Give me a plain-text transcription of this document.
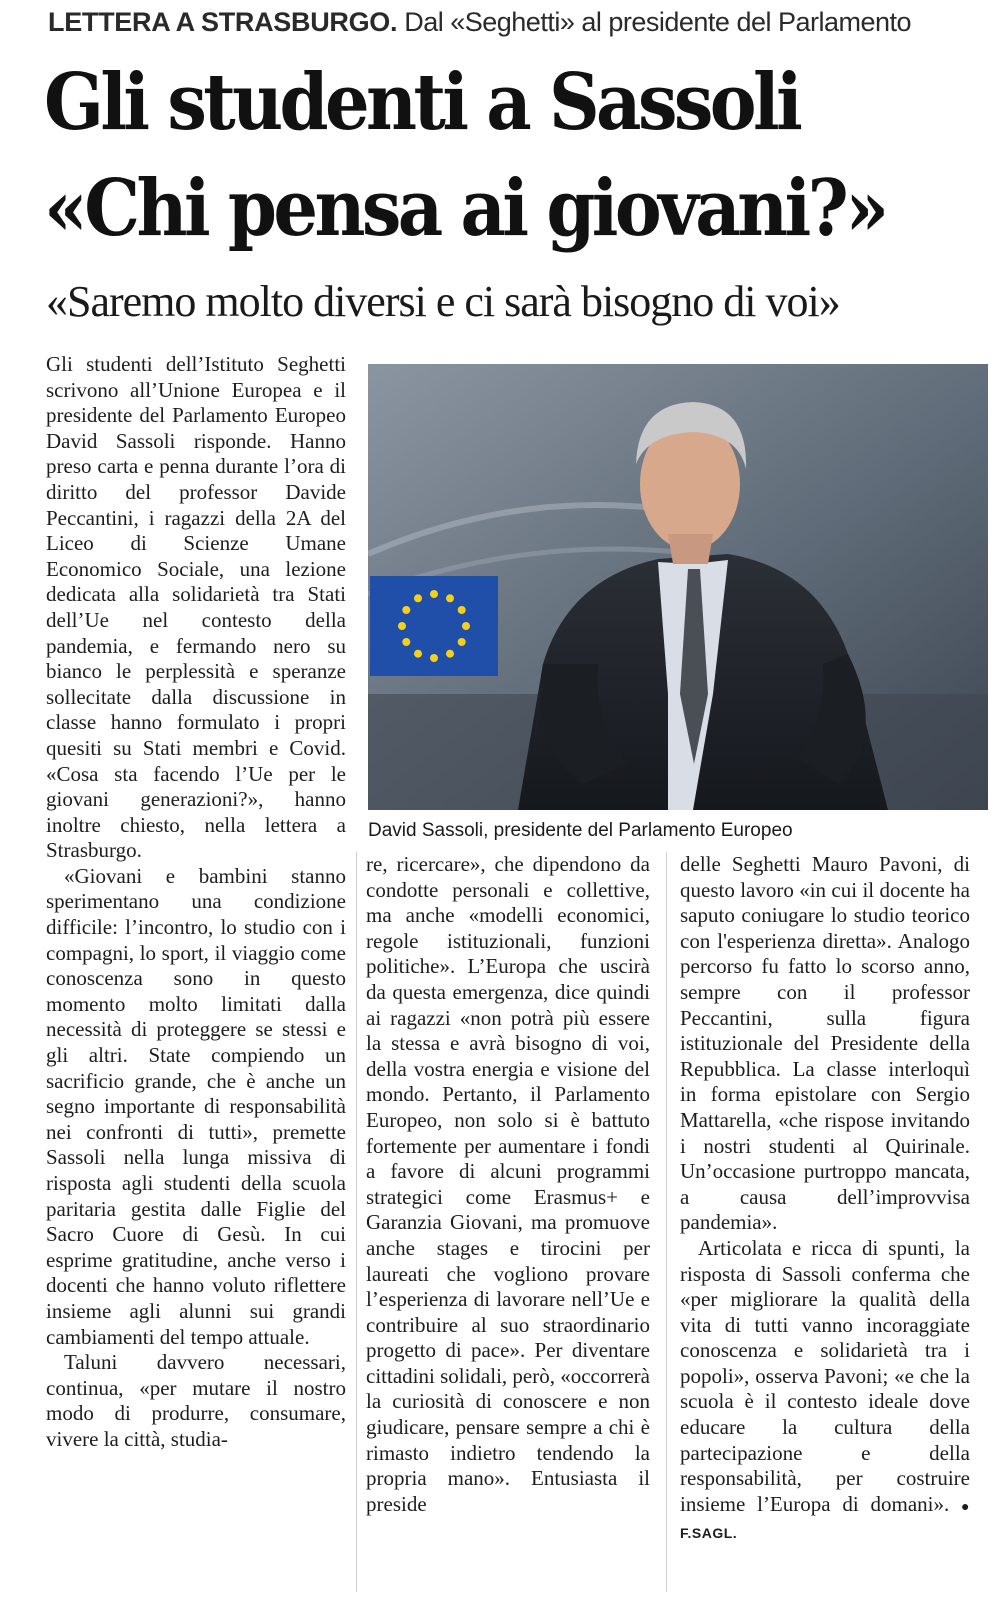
LETTERA A STRASBURGO. Dal «Seghetti» al presidente del Parlamento
Gli studenti a Sassoli
«Chi pensa ai giovani?»
«Saremo molto diversi e ci sarà bisogno di voi»
David Sassoli, presidente del Parlamento Europeo

Gli studenti dell’Istituto Seghetti scrivono all’Unione Europea e il presidente del Parlamento Europeo David Sassoli risponde. Hanno preso carta e penna durante l’ora di diritto del professor Davide Peccantini, i ragazzi della 2A del Liceo di Scienze Umane Economico Sociale, una lezione dedicata alla solidarietà tra Stati dell’Ue nel contesto della pandemia, e fermando nero su bianco le perplessità e speranze sollecitate dalla discussione in classe hanno formulato i propri quesiti su Stati membri e Covid. «Cosa sta facendo l’Ue per le giovani generazioni?», hanno inoltre chiesto, nella lettera a Strasburgo.

«Giovani e bambini stanno sperimentano una condizione difficile: l’incontro, lo studio con i compagni, lo sport, il viaggio come conoscenza sono in questo momento molto limitati dalla necessità di proteggere se stessi e gli altri. State compiendo un sacrificio grande, che è anche un segno importante di responsabilità nei confronti di tutti», premette Sassoli nella lunga missiva di risposta agli studenti della scuola paritaria gestita dalle Figlie del Sacro Cuore di Gesù. In cui esprime gratitudine, anche verso i docenti che hanno voluto riflettere insieme agli alunni sui grandi cambiamenti del tempo attuale.

Taluni davvero necessari, continua, «per mutare il nostro modo di produrre, consumare, vivere la città, studia-

re, ricercare», che dipendono da condotte personali e collettive, ma anche «modelli economici, regole istituzionali, funzioni politiche». L’Europa che uscirà da questa emergenza, dice quindi ai ragazzi «non potrà più essere la stessa e avrà bisogno di voi, della vostra energia e visione del mondo. Pertanto, il Parlamento Europeo, non solo si è battuto fortemente per aumentare i fondi a favore di alcuni programmi strategici come Erasmus+ e Garanzia Giovani, ma promuove anche stages e tirocini per laureati che vogliono provare l’esperienza di lavorare nell’Ue e contribuire al suo straordinario progetto di pace». Per diventare cittadini solidali, però, «occorrerà la curiosità di conoscere e non giudicare, pensare sempre a chi è rimasto indietro tendendo la propria mano». Entusiasta il preside

delle Seghetti Mauro Pavoni, di questo lavoro «in cui il docente ha saputo coniugare lo studio teorico con l'esperienza diretta». Analogo percorso fu fatto lo scorso anno, sempre con il professor Peccantini, sulla figura istituzionale del Presidente della Repubblica. La classe interloquì in forma epistolare con Sergio Mattarella, «che rispose invitando i nostri studenti al Quirinale. Un’occasione purtroppo mancata, a causa dell’improvvisa pandemia».

Articolata e ricca di spunti, la risposta di Sassoli conferma che «per migliorare la qualità della vita di tutti vanno incoraggiate conoscenza e solidarietà tra i popoli», osserva Pavoni; «e che la scuola è il contesto ideale dove educare la cultura della partecipazione e della responsabilità, per costruire insieme l’Europa di domani». ● F.SAGL.
